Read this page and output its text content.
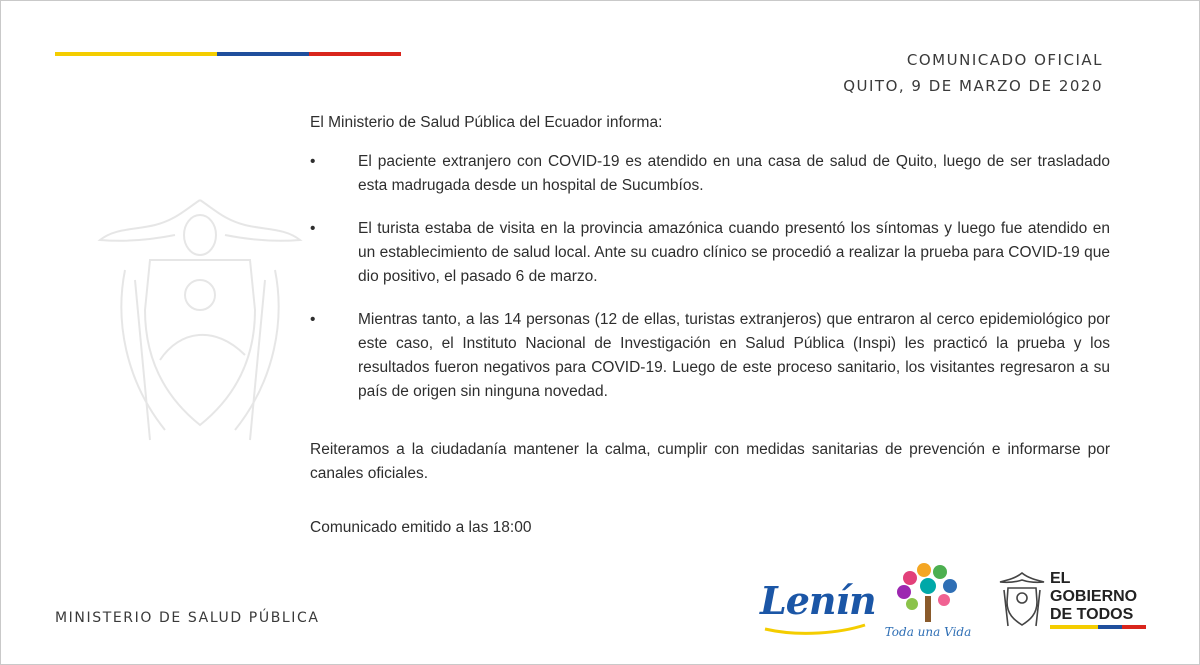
COMUNICADO OFICIAL
QUITO, 9 DE MARZO DE 2020

El Ministerio de Salud Pública del Ecuador informa:

•	El paciente extranjero con COVID-19 es atendido en una casa de salud de Quito, luego de ser trasladado esta madrugada desde un hospital de Sucumbíos.

•	El turista estaba de visita en la provincia amazónica cuando presentó los síntomas y luego fue atendido en un establecimiento de salud local. Ante su cuadro clínico se procedió a realizar la prueba para COVID-19 que dio positivo, el pasado 6 de marzo.

•	Mientras tanto, a las 14 personas (12 de ellas, turistas extranjeros) que entraron al cerco epidemiológico por este caso, el Instituto Nacional de Investigación en Salud Pública (Inspi) les practicó la prueba y los resultados fueron negativos para COVID-19. Luego de este proceso sanitario, los visitantes regresaron a su país de origen sin ninguna novedad.

Reiteramos a la ciudadanía mantener la calma, cumplir con medidas sanitarias de prevención e informarse por canales oficiales.

Comunicado emitido a las 18:00

MINISTERIO DE SALUD PÚBLICA	Lenín
Toda una Vida
EL
GOBIERNO
DE TODOS
